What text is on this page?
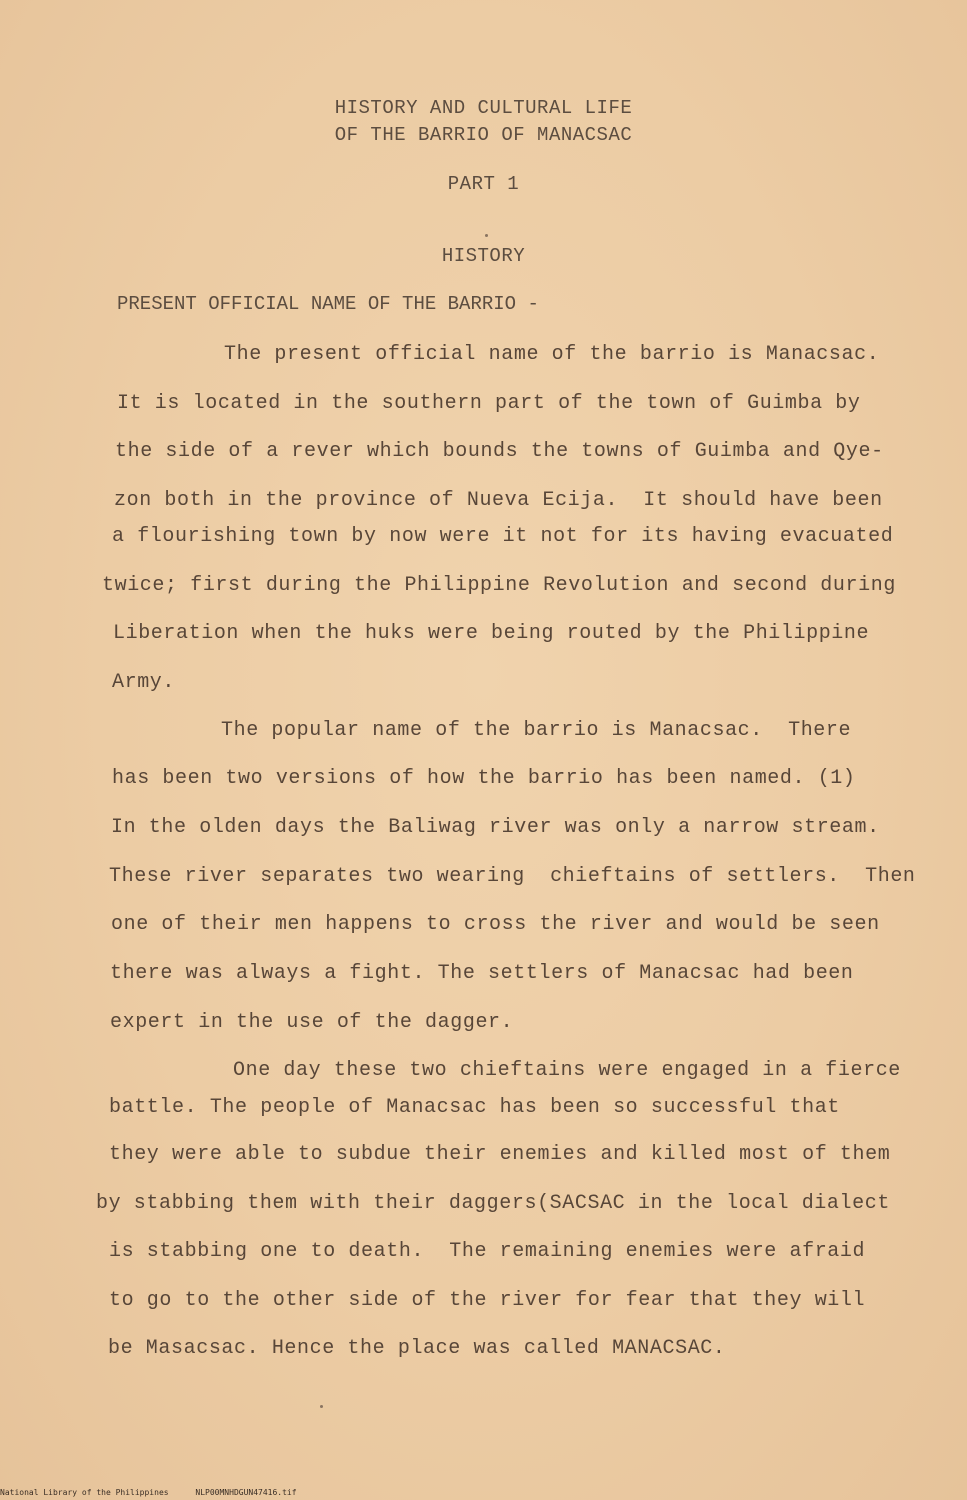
HISTORY AND CULTURAL LIFE
OF THE BARRIO OF MANACSAC
PART 1
HISTORY
PRESENT OFFICIAL NAME OF THE BARRIO -
The present official name of the barrio is Manacsac.
It is located in the southern part of the town of Guimba by
the side of a rever which bounds the towns of Guimba and Qye-
zon both in the province of Nueva Ecija.  It should have been
a flourishing town by now were it not for its having evacuated
twice; first during the Philippine Revolution and second during
Liberation when the huks were being routed by the Philippine
Army.
The popular name of the barrio is Manacsac.  There
has been two versions of how the barrio has been named. (1)
In the olden days the Baliwag river was only a narrow stream.
These river separates two wearing  chieftains of settlers.  Then
one of their men happens to cross the river and would be seen
there was always a fight. The settlers of Manacsac had been
expert in the use of the dagger.
One day these two chieftains were engaged in a fierce
battle. The people of Manacsac has been so successful that
they were able to subdue their enemies and killed most of them
by stabbing them with their daggers(SACSAC in the local dialect
is stabbing one to death.  The remaining enemies were afraid
to go to the other side of the river for fear that they will
be Masacsac. Hence the place was called MANACSAC.
National Library of the Philippines	NLP00MNHDGUN47416.tif
